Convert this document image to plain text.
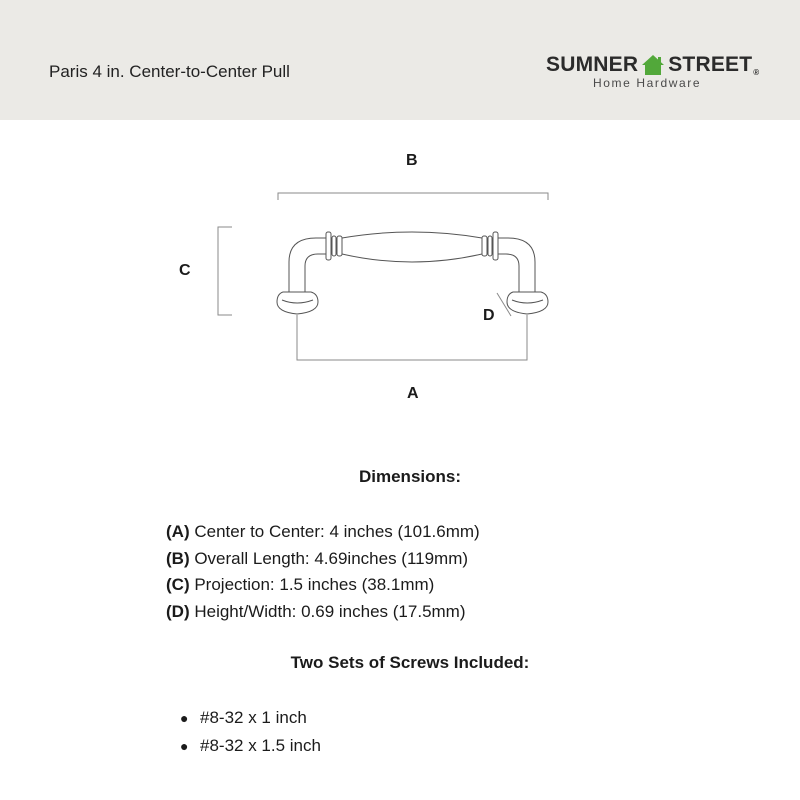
Paris 4 in. Center-to-Center Pull	SUMNER STREET ®
Home Hardware
B
C
D
A
Dimensions:
(A) Center to Center: 4 inches (101.6mm)
(B) Overall Length: 4.69inches (119mm)
(C) Projection: 1.5 inches (38.1mm)
(D) Height/Width: 0.69 inches (17.5mm)
Two Sets of Screws Included:
● #8-32 x 1 inch
● #8-32 x 1.5 inch
